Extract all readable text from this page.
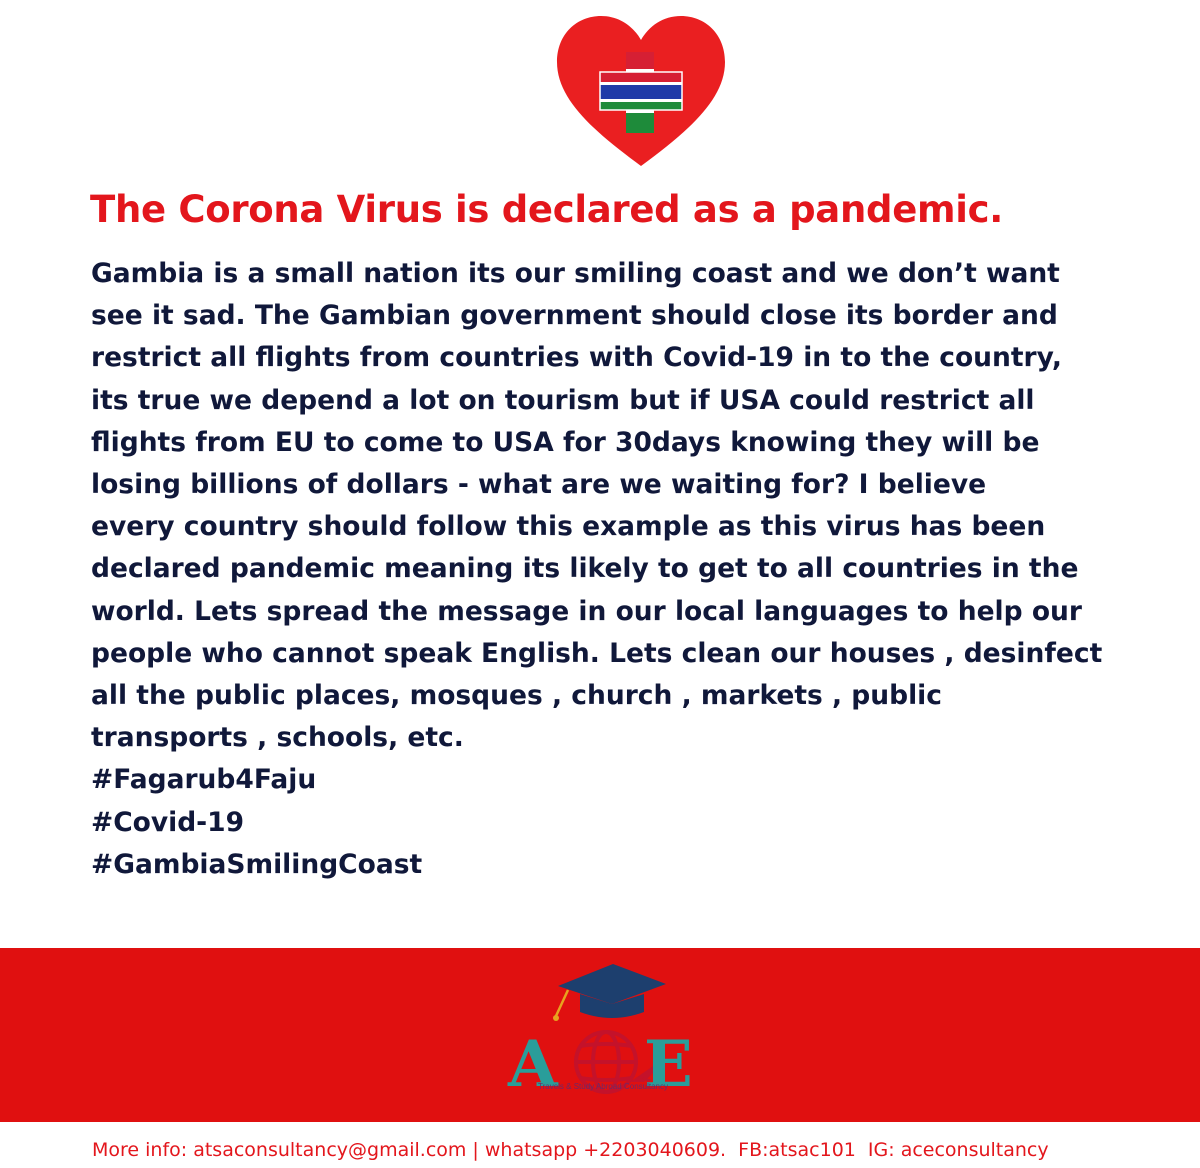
The Corona Virus is declared as a pandemic.
Gambia is a small nation its our smiling coast and we don’t want
see it sad. The Gambian government should close its border and
restrict all flights from countries with Covid-19 in to the country,
its true we depend a lot on tourism but if USA could restrict all
flights from EU to come to USA for 30days knowing they will be
losing billions of dollars - what are we waiting for? I believe
every country should follow this example as this virus has been
declared pandemic meaning its likely to get to all countries in the
world. Lets spread the message in our local languages to help our
people who cannot speak English. Lets clean our houses , desinfect
all the public places, mosques , church , markets , public
transports , schools, etc.
#Fagarub4Faju
#Covid-19
#GambiaSmilingCoast
A E
Travels & Study Abroad Consultancy
More info: atsaconsultancy@gmail.com | whatsapp +2203040609. FB:atsac101 IG: aceconsultancy
